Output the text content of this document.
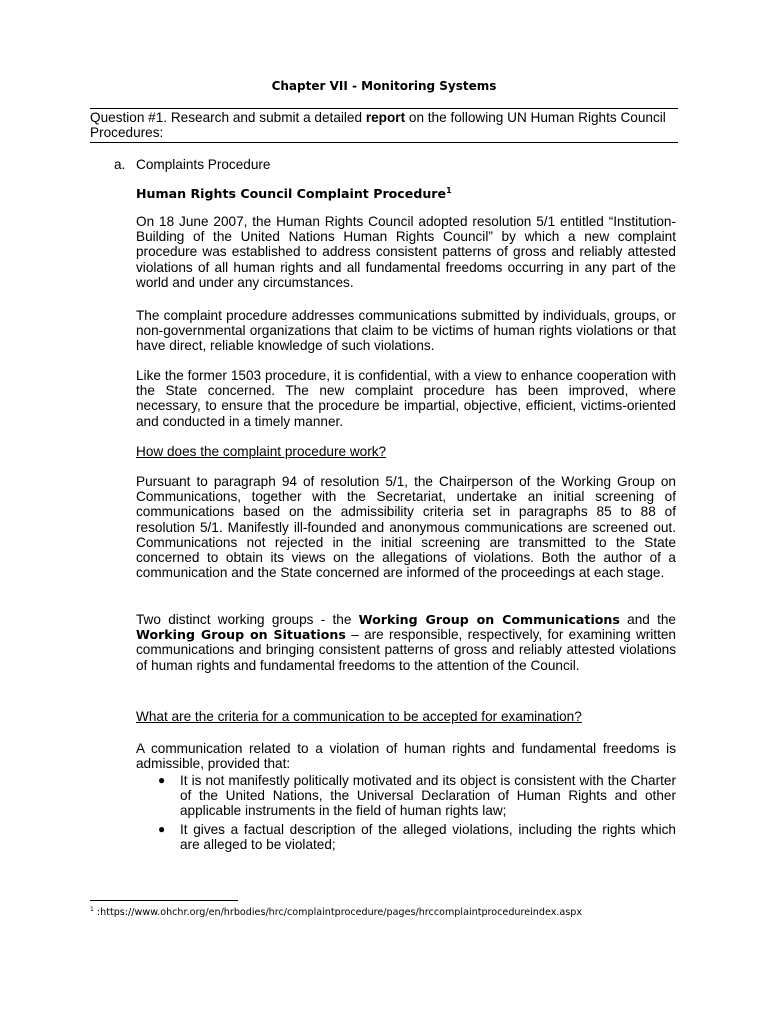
Chapter VII - Monitoring Systems
Question #1. Research and submit a detailed report on the following UN Human Rights Council Procedures:
a. Complaints Procedure
Human Rights Council Complaint Procedure$^1$
On 18 June 2007, the Human Rights Council adopted resolution 5/1 entitled “Institution-Building of the United Nations Human Rights Council” by which a new complaint procedure was established to address consistent patterns of gross and reliably attested violations of all human rights and all fundamental freedoms occurring in any part of the world and under any circumstances.
The complaint procedure addresses communications submitted by individuals, groups, or non-governmental organizations that claim to be victims of human rights violations or that have direct, reliable knowledge of such violations.
Like the former 1503 procedure, it is confidential, with a view to enhance cooperation with the State concerned. The new complaint procedure has been improved, where necessary, to ensure that the procedure be impartial, objective, efficient, victims-oriented and conducted in a timely manner.
How does the complaint procedure work?
Pursuant to paragraph 94 of resolution 5/1, the Chairperson of the Working Group on Communications, together with the Secretariat, undertake an initial screening of communications based on the admissibility criteria set in paragraphs 85 to 88 of resolution 5/1. Manifestly ill-founded and anonymous communications are screened out. Communications not rejected in the initial screening are transmitted to the State concerned to obtain its views on the allegations of violations. Both the author of a communication and the State concerned are informed of the proceedings at each stage.
Two distinct working groups - the Working Group on Communications and the Working Group on Situations – are responsible, respectively, for examining written communications and bringing consistent patterns of gross and reliably attested violations of human rights and fundamental freedoms to the attention of the Council.
What are the criteria for a communication to be accepted for examination?
A communication related to a violation of human rights and fundamental freedoms is admissible, provided that:
● It is not manifestly politically motivated and its object is consistent with the Charter of the United Nations, the Universal Declaration of Human Rights and other applicable instruments in the field of human rights law;
● It gives a factual description of the alleged violations, including the rights which are alleged to be violated;
$^1$ :https://www.ohchr.org/en/hrbodies/hrc/complaintprocedure/pages/hrccomplaintprocedureindex.aspx
